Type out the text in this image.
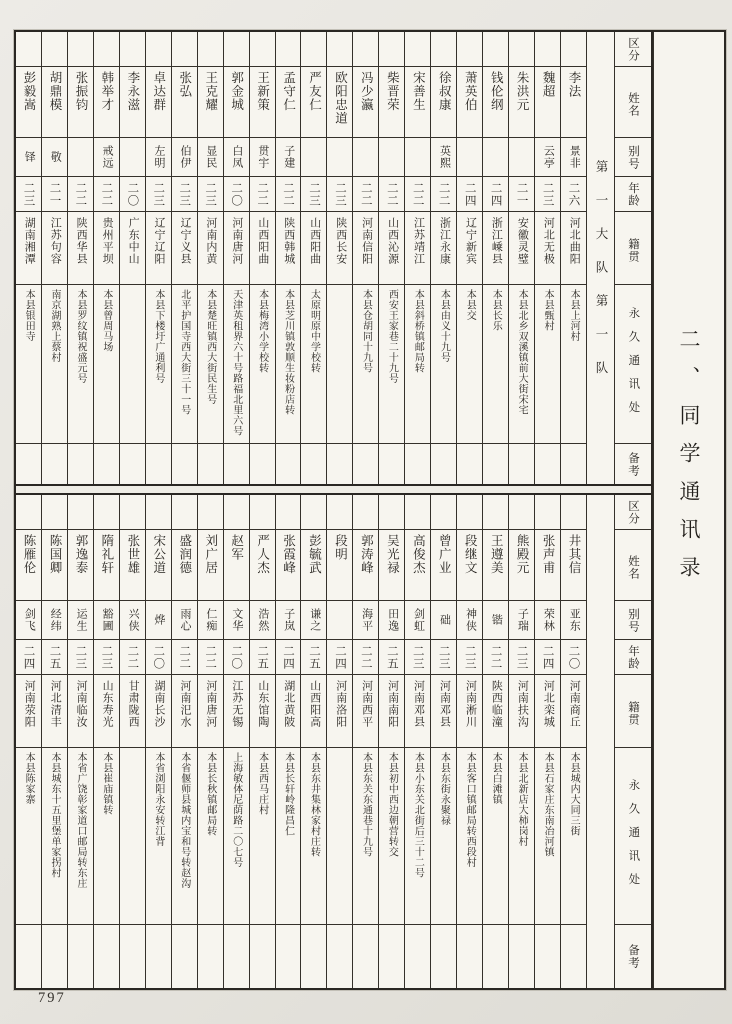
彭毅嵩
铎
二三
湖南湘潭
本县银田寺
胡鼎模
敬
二一
江苏句容
南京湖熟上蔡村
张振钧
二二
陕西华县
本县罗纹镇祝盛元号
韩举才
戒远
二二
贵州平坝
本县曾周马场
李永滋
二〇
广东中山
卓达群
左明
二三
辽宁辽阳
本县下楼圩广通利号
张弘
伯伊
二三
辽宁义县
北平护国寺西大街三十一号
王克耀
显民
二三
河南内黄
本县楚旺镇西大街民生号
郭金城
白凤
二〇
河南唐河
天津英租界六十号路福北里六号
王新策
贯宇
二二
山西阳曲
本县梅湾小学校转
孟守仁
子建
二二
陕西韩城
本县芝川镇敦顺生妆粉店转
严友仁
二三
山西阳曲
太原明原中学校转
欧阳忠道
二三
陕西长安
冯少瀛
二二
河南信阳
本县仓胡同十九号
柴晋荣
二二
山西沁源
西安王家巷二十九号
宋善生
二二
江苏靖江
本县斜桥镇邮局转
徐叔康
英熙
二二
浙江永康
本县由义十九号
萧英伯
二四
辽宁新宾
本县交
钱伦纲
二四
浙江嵊县
本县长乐
朱洪元
二一
安徽灵璧
本县北乡双溪镇前大街宋宅
魏超
云亭
二三
河北无极
本县甄村
李法
景非
二六
河北曲阳
本县上河村 第一大队第一队
区分
姓名
别号
年龄
籍贯
永久通讯处
备考
陈雁伦
剑飞
二四
河南荥阳
本县陈家寨
陈国卿
经纬
二五
河北清丰
本县城东十五里堡单家拐村
郭逸泰
运生
二三
河南临汝
本省广饶彰家道口邮局转东庄
隋礼轩
豁圃
二三
山东寿光
本县崔庙镇转
张世雄
兴侠
二二
甘肃陇西
宋公道
烨
二〇
湖南长沙
本省浏阳永安转江背
盛润德
雨心
二二
河南汜水
本省偃师县城内宝和号转赵沟
刘广居
仁痴
二二
河南唐河
本县长秋镇邮局转
赵军
文华
二〇
江苏无锡
上海敏体尼荫路二〇七号
严人杰
浩然
二五
山东馆陶
本县西马庄村
张霞峰
子岚
二四
湖北黄陂
本县长轩岭隆昌仁
彭毓武
谦之
二五
山西阳高
本县东井集林家村庄转
段明
二四
河南洛阳
郭涛峰
海平
二二
河南西平
本县东关东通巷十九号
吴光禄
田逸
二五
河南南阳
本县初中西边朝营转交
高俊杰
剑虹
二三
河南邓县
本县小东关北街后三十二号
曾广业
础
二三
河南邓县
本县东街永聚禄
段继文
神侠
二三
河南淅川
本县客口镇邮局转西段村
王遵美
锴
二二
陕西临潼
本县白滩镇
熊殿元
子瑞
二三
河南扶沟
本县北新店大柿岗村
张声甫
荣林
二四
河北栾城
本县石家庄东南冶河镇
井其信
亚东
二〇
河南商丘
本县城内大同三街
区分
姓名
别号
年龄
籍贯
永久通讯处
备考
二、同学通讯录
797
